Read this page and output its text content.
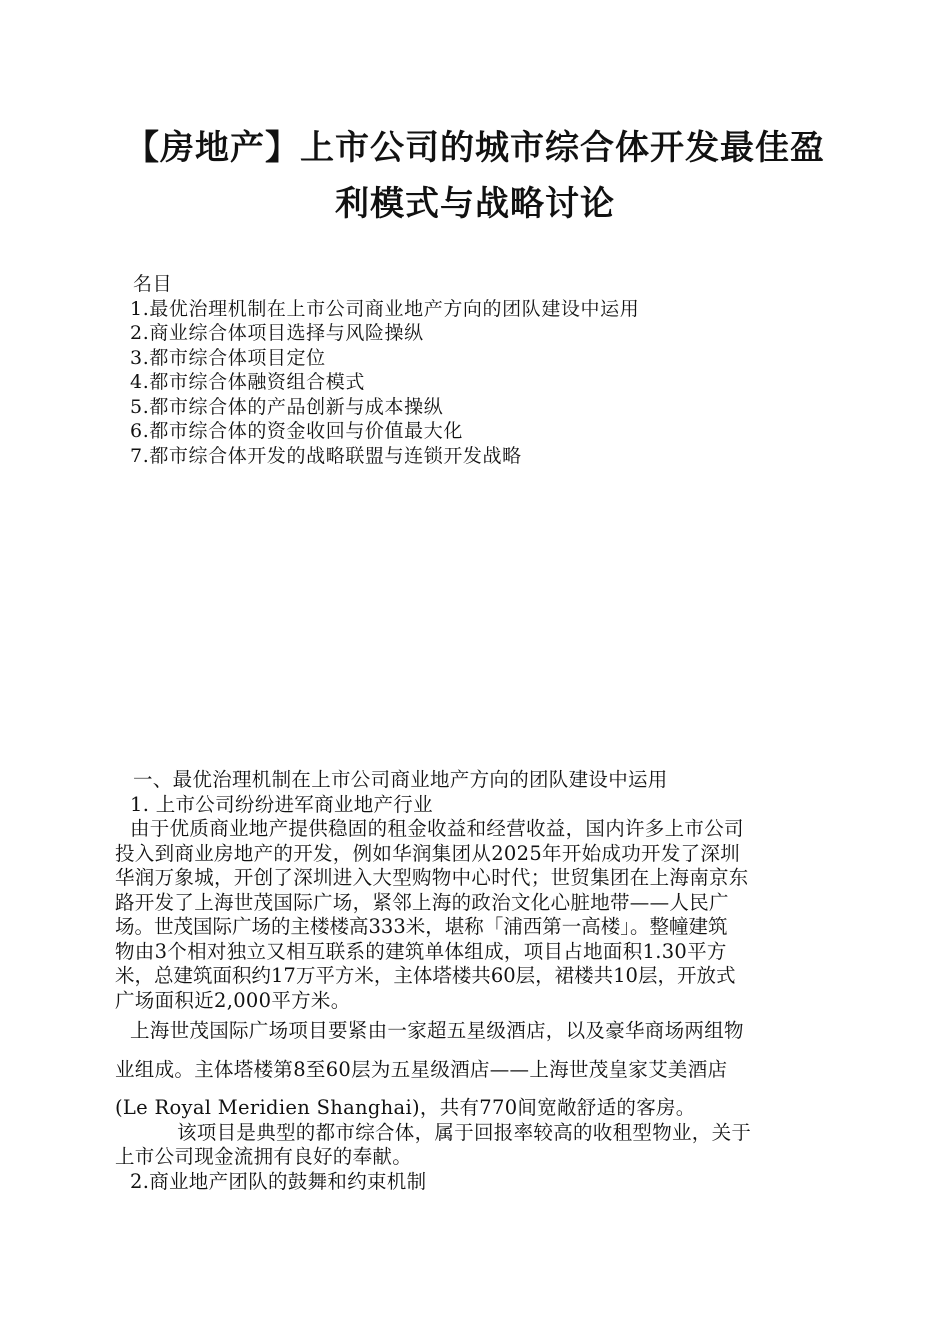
【房地产】上市公司的城市综合体开发最佳盈
利模式与战略讨论
名目
1.最优治理机制在上市公司商业地产方向的团队建设中运用
2.商业综合体项目选择与风险操纵
3.都市综合体项目定位
4.都市综合体融资组合模式
5.都市综合体的产品创新与成本操纵
6.都市综合体的资金收回与价值最大化
7.都市综合体开发的战略联盟与连锁开发战略
一、最优治理机制在上市公司商业地产方向的团队建设中运用
1. 上市公司纷纷进军商业地产行业
由于优质商业地产提供稳固的租金收益和经营收益，国内许多上市公司
投入到商业房地产的开发，例如华润集团从2025年开始成功开发了深圳
华润万象城，开创了深圳进入大型购物中心时代；世贸集团在上海南京东
路开发了上海世茂国际广场，紧邻上海的政治文化心脏地带——人民广
场。世茂国际广场的主楼楼高333米，堪称「浦西第一高楼」。整幢建筑
物由3个相对独立又相互联系的建筑单体组成，项目占地面积1.30平方
米，总建筑面积约17万平方米，主体塔楼共60层，裙楼共10层，开放式
广场面积近2,000平方米。
上海世茂国际广场项目要紧由一家超五星级酒店，以及豪华商场两组物
业组成。主体塔楼第8至60层为五星级酒店——上海世茂皇家艾美酒店
(Le Royal Meridien Shanghai)，共有770间宽敞舒适的客房。
该项目是典型的都市综合体，属于回报率较高的收租型物业，关于
上市公司现金流拥有良好的奉献。
2.商业地产团队的鼓舞和约束机制
